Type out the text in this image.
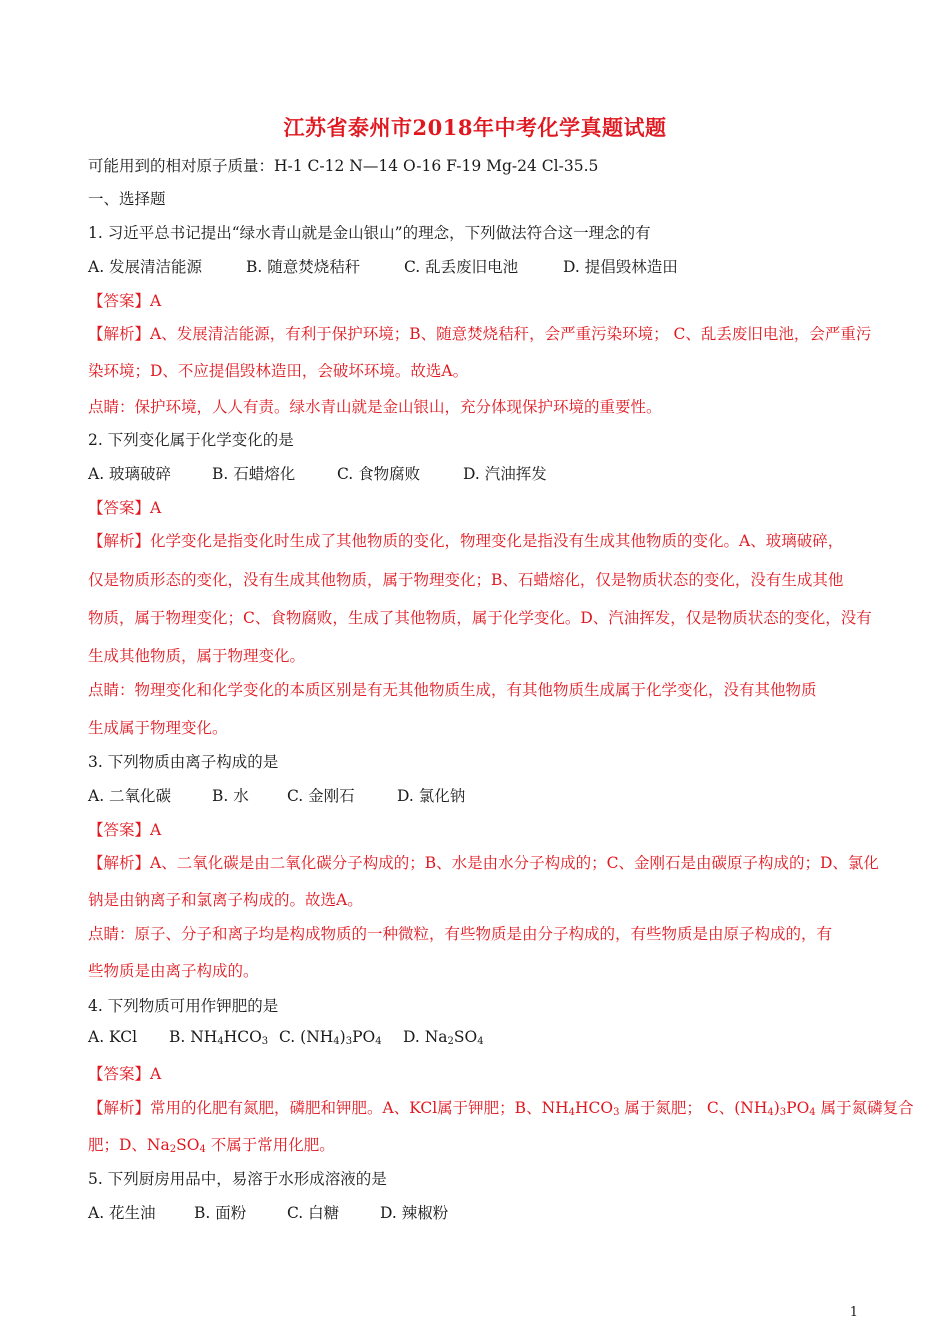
江苏省泰州市2018年中考化学真题试题
可能用到的相对原子质量：H-1 C-12 N—14 O-16 F-19 Mg-24 Cl-35.5
一、选择题
1. 习近平总书记提出“绿水青山就是金山银山”的理念，下列做法符合这一理念的有
A. 发展清洁能源	B. 随意焚烧秸秆	C. 乱丢废旧电池	D. 提倡毁林造田
【答案】A
【解析】A、发展清洁能源，有利于保护环境；B、随意焚烧秸秆，会严重污染环境； C、乱丢废旧电池，会严重污
染环境；D、不应提倡毁林造田，会破坏环境。故选A。
点睛：保护环境，人人有责。绿水青山就是金山银山，充分体现保护环境的重要性。
2. 下列变化属于化学变化的是
A. 玻璃破碎	B. 石蜡熔化	C. 食物腐败	D. 汽油挥发
【答案】A
【解析】化学变化是指变化时生成了其他物质的变化，物理变化是指没有生成其他物质的变化。A、玻璃破碎，
仅是物质形态的变化，没有生成其他物质，属于物理变化；B、石蜡熔化，仅是物质状态的变化，没有生成其他
物质，属于物理变化；C、食物腐败，生成了其他物质，属于化学变化。D、汽油挥发，仅是物质状态的变化，没有
生成其他物质，属于物理变化。
点睛：物理变化和化学变化的本质区别是有无其他物质生成，有其他物质生成属于化学变化，没有其他物质
生成属于物理变化。
3. 下列物质由离子构成的是
A. 二氧化碳	B. 水 C. 金刚石	D. 氯化钠
【答案】A
【解析】A、二氧化碳是由二氧化碳分子构成的；B、水是由水分子构成的；C、金刚石是由碳原子构成的；D、氯化
钠是由钠离子和氯离子构成的。故选A。
点睛：原子、分子和离子均是构成物质的一种微粒，有些物质是由分子构成的，有些物质是由原子构成的，有
些物质是由离子构成的。
4. 下列物质可用作钾肥的是
A. KCl B. $NH_4HCO_3$ C. $(NH_4)_3PO_4$ D. $Na_2SO_4$
【答案】A
【解析】常用的化肥有氮肥，磷肥和钾肥。A、KCl属于钾肥；B、$NH_4HCO_3$ 属于氮肥； C、$(NH_4)_3PO_4$ 属于氮磷复合
肥；D、$Na_2SO_4$ 不属于常用化肥。
5. 下列厨房用品中，易溶于水形成溶液的是
A. 花生油 B. 面粉	C. 白糖	D. 辣椒粉
1
